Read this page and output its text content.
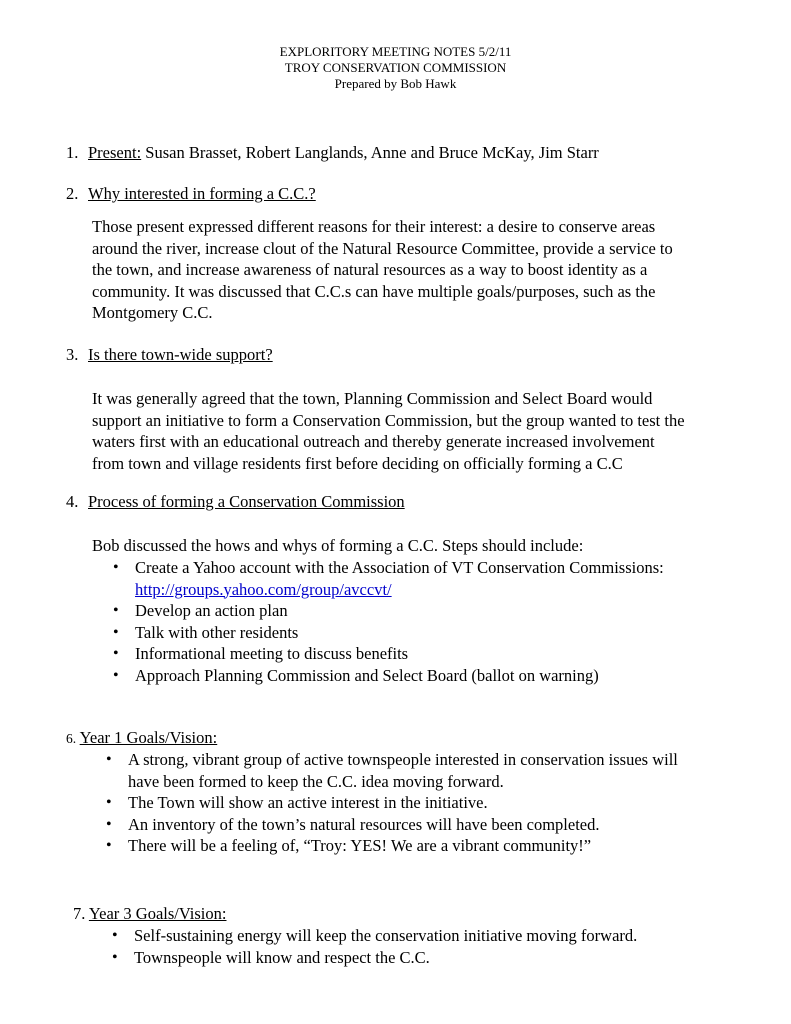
EXPLORITORY MEETING NOTES 5/2/11
TROY CONSERVATION COMMISSION
Prepared by Bob Hawk
1. Present: Susan Brasset, Robert Langlands, Anne and Bruce McKay, Jim Starr
2. Why interested in forming a C.C.?
Those present expressed different reasons for their interest: a desire to conserve areas
around the river, increase clout of the Natural Resource Committee, provide a service to
the town, and increase awareness of natural resources as a way to boost identity as a
community. It was discussed that C.C.s can have multiple goals/purposes, such as the
Montgomery C.C.
3. Is there town-wide support?
It was generally agreed that the town, Planning Commission and Select Board would
support an initiative to form a Conservation Commission, but the group wanted to test the
waters first with an educational outreach and thereby generate increased involvement
from town and village residents first before deciding on officially forming a C.C
4. Process of forming a Conservation Commission
Bob discussed the hows and whys of forming a C.C. Steps should include:
• Create a Yahoo account with the Association of VT Conservation Commissions:
http://groups.yahoo.com/group/avccvt/
• Develop an action plan
• Talk with other residents
• Informational meeting to discuss benefits
• Approach Planning Commission and Select Board (ballot on warning)
6. Year 1 Goals/Vision:
• A strong, vibrant group of active townspeople interested in conservation issues will
have been formed to keep the C.C. idea moving forward.
• The Town will show an active interest in the initiative.
• An inventory of the town’s natural resources will have been completed.
• There will be a feeling of, “Troy: YES! We are a vibrant community!”
7. Year 3 Goals/Vision:
• Self-sustaining energy will keep the conservation initiative moving forward.
• Townspeople will know and respect the C.C.
